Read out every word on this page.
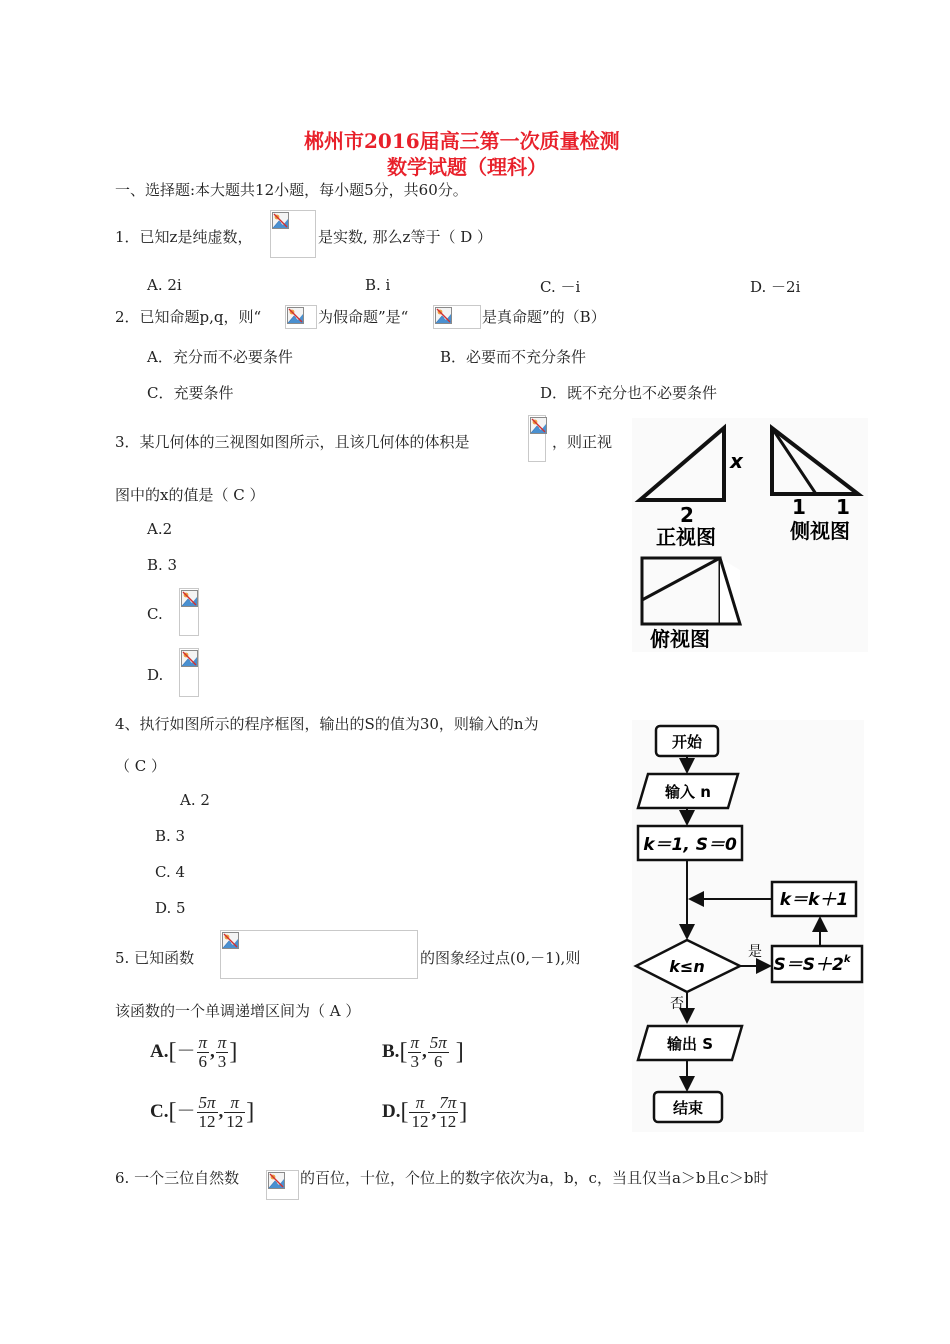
郴州市2016届高三第一次质量检测
数学试题（理科）
一、选择题:本大题共12小题，每小题5分，共60分。
1．已知z是纯虚数，	是实数, 那么z等于（ D ）
A. 2i	B. i	C. －i	D. －2i
2．已知命题p,q，则“	为假命题”是“	是真命题”的（B）
A．充分而不必要条件	B．必要而不充分条件
C．充要条件	D．既不充分也不必要条件
3．某几何体的三视图如图所示，且该几何体的体积是	，则正视
图中的x的值是（ C ）
A.2
B. 3
C.
D.
x
2
正视图
1 1
侧视图
俯视图
4、执行如图所示的程序框图，输出的S的值为30，则输入的n为
（ C ）
A. 2
B. 3
C. 4
D. 5
开始
输入 n
k＝1, S＝0
k＝k＋1
k≤n
是
$S=S+2^k$
否
输出 S
结束
5. 已知函数	的图象经过点(0,－1),则
该函数的一个单调递增区间为（ A ）
$A.[- \frac{\pi}{6}$ , $\frac{\pi}{3}$ ]	$B.[ \frac{\pi}{3}$ , $\frac{5\pi}{6}$ ]
$C.[- \frac{5\pi}{12}$ , $\frac{\pi}{12}$ ]	$D.[ \frac{\pi}{12}$ , $\frac{7\pi}{12}$ ]
6. 一个三位自然数	的百位，十位，个位上的数字依次为a，b，c，当且仅当a＞b且c＞b时
